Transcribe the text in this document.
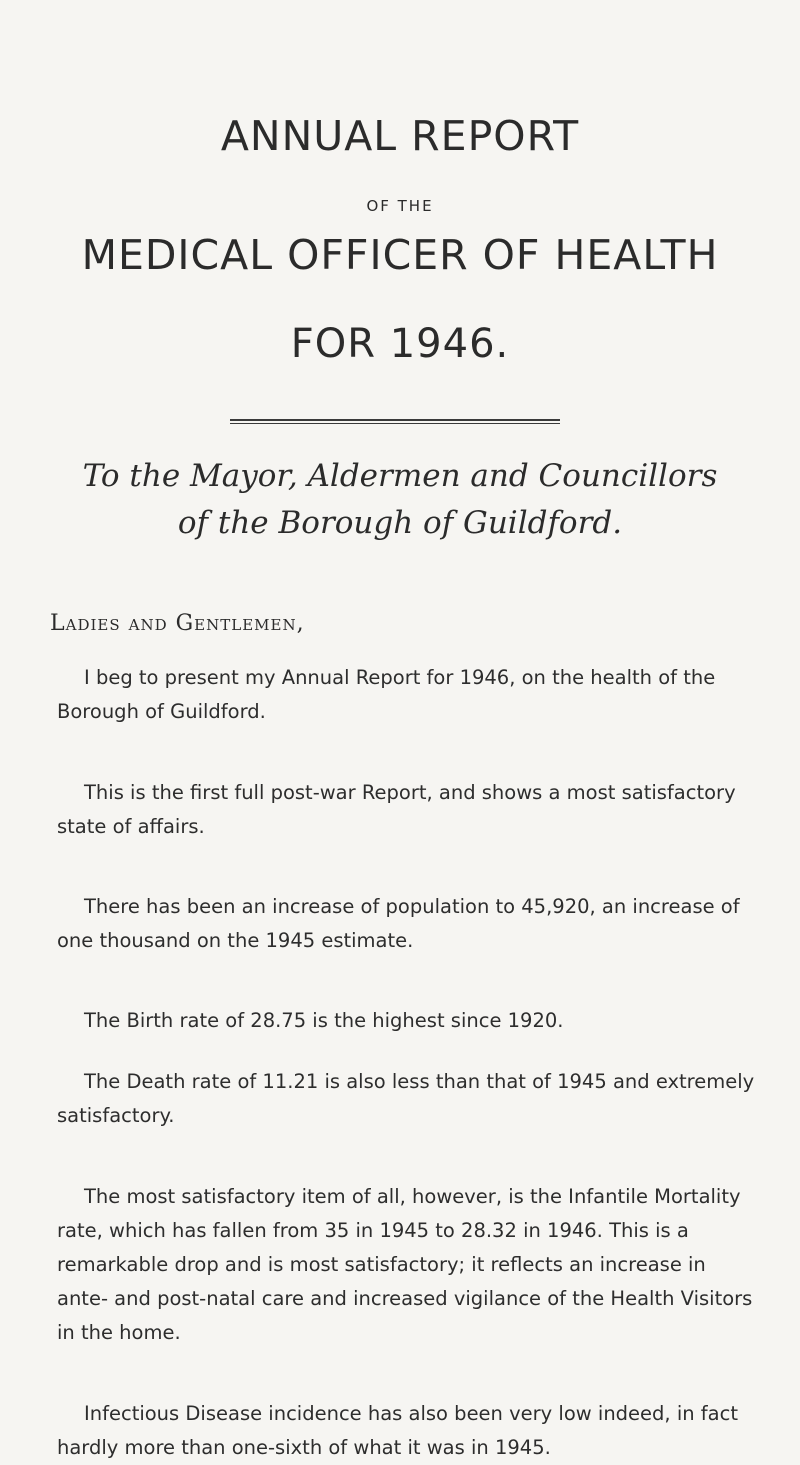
ANNUAL REPORT
OF THE
MEDICAL OFFICER OF HEALTH
FOR 1946.
To the Mayor, Aldermen and Councillors
of the Borough of Guildford.
Ladies and Gentlemen,

I beg to present my Annual Report for 1946, on the health of the Borough of Guildford.

This is the first full post-war Report, and shows a most satisfactory state of affairs.

There has been an increase of population to 45,920, an increase of one thousand on the 1945 estimate.

The Birth rate of 28.75 is the highest since 1920.

The Death rate of 11.21 is also less than that of 1945 and extremely satisfactory.

The most satisfactory item of all, however, is the Infantile Mortality rate, which has fallen from 35 in 1945 to 28.32 in 1946. This is a remarkable drop and is most satisfactory; it reflects an increase in ante- and post-natal care and increased vigilance of the Health Visitors in the home.

Infectious Disease incidence has also been very low indeed, in fact hardly more than one-sixth of what it was in 1945.
